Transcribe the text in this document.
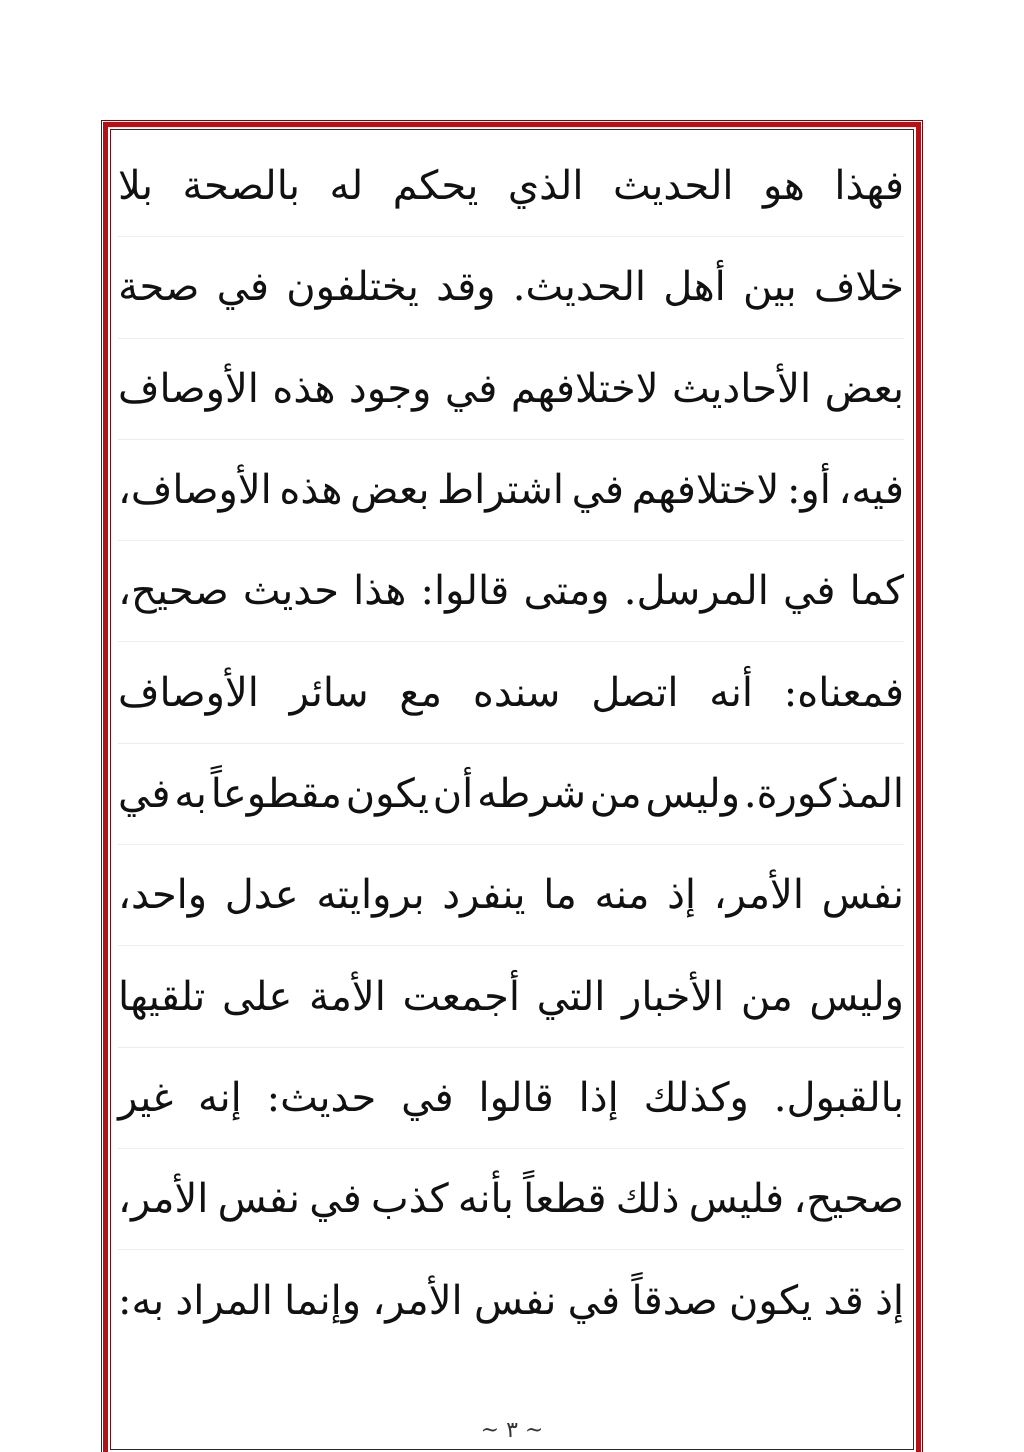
فهذا
هو
الحديث
الذي
يحكم
له
بالصحة
بلا
خلاف
بين
أهل
الحديث.
وقد
يختلفون
في
صحة
بعض
الأحاديث
لاختلافهم
في
وجود
هذه
الأوصاف
فيه،
أو:
لاختلافهم
في
اشتراط
بعض
هذه
الأوصاف،
كما
في
المرسل.
ومتى
قالوا:
هذا
حديث
صحيح،
فمعناه:
أنه
اتصل
سنده
مع
سائر
الأوصاف
المذكورة.
وليس
من
شرطه
أن
يكون
مقطوعاً
به
في
نفس
الأمر،
إذ
منه
ما
ينفرد
بروايته
عدل
واحد،
وليس
من
الأخبار
التي
أجمعت
الأمة
على
تلقيها
بالقبول.
وكذلك
إذا
قالوا
في
حديث:
إنه
غير
صحيح،
فليس
ذلك
قطعاً
بأنه
كذب
في
نفس
الأمر،
إذ
قد
يكون
صدقاً
في
نفس
الأمر،
وإنما
المراد
به:
~ ٣ ~
